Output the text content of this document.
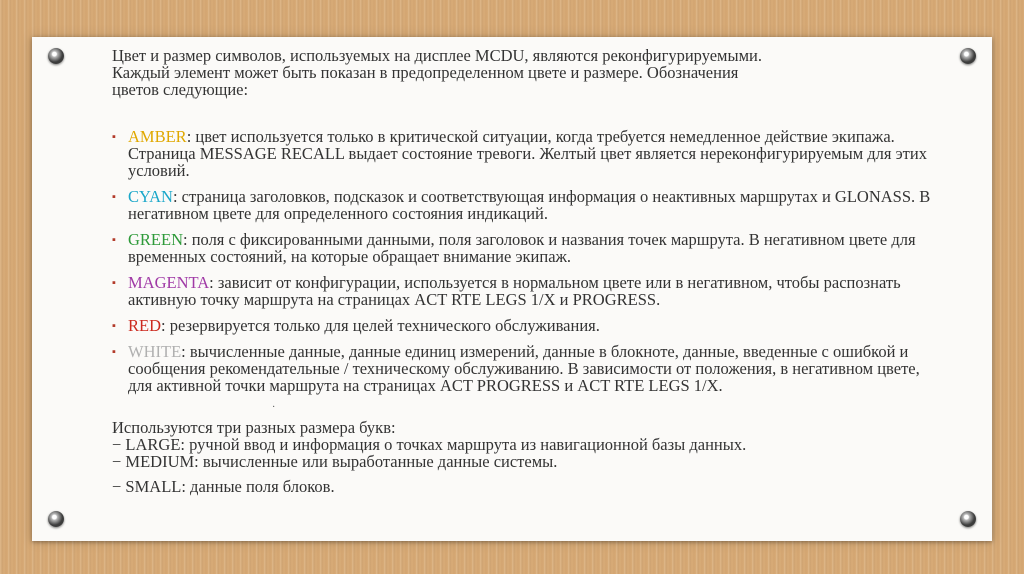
Цвет и размер символов, используемых на дисплее MCDU, являются реконфигурируемыми.

Каждый элемент может быть показан в предопределенном цвете и размере. Обозначения

цветов следующие:

▪ AMBER: цвет используется только в критической ситуации, когда требуется немедленное действие экипажа. Страница MESSAGE RECALL выдает состояние тревоги. Желтый цвет является нереконфигурируемым для этих условий.
▪ CYAN: страница заголовков, подсказок и соответствующая информация о неактивных маршрутах и GLONASS. В негативном цвете для определенного состояния индикаций.
▪ GREEN: поля с фиксированными данными, поля заголовок и названия точек маршрута. В негативном цвете для временных состояний, на которые обращает внимание экипаж.
▪ MAGENTA: зависит от конфигурации, используется в нормальном цвете или в негативном, чтобы распознать активную точку маршрута на страницах ACT RTE LEGS 1/X и PROGRESS.
▪ RED: резервируется только для целей технического обслуживания.
▪ WHITE: вычисленные данные, данные единиц измерений, данные в блокноте, данные, введенные с ошибкой и сообщения рекомендательные / техническому обслуживанию. В зависимости от положения, в негативном цвете, для активной точки маршрута на страницах ACT PROGRESS и ACT RTE LEGS 1/X.
·

Используются три разных размера букв:

− LARGE: ручной ввод и информация о точках маршрута из навигационной базы данных.

− MEDIUM: вычисленные или выработанные данные системы.

− SMALL: данные поля блоков.
